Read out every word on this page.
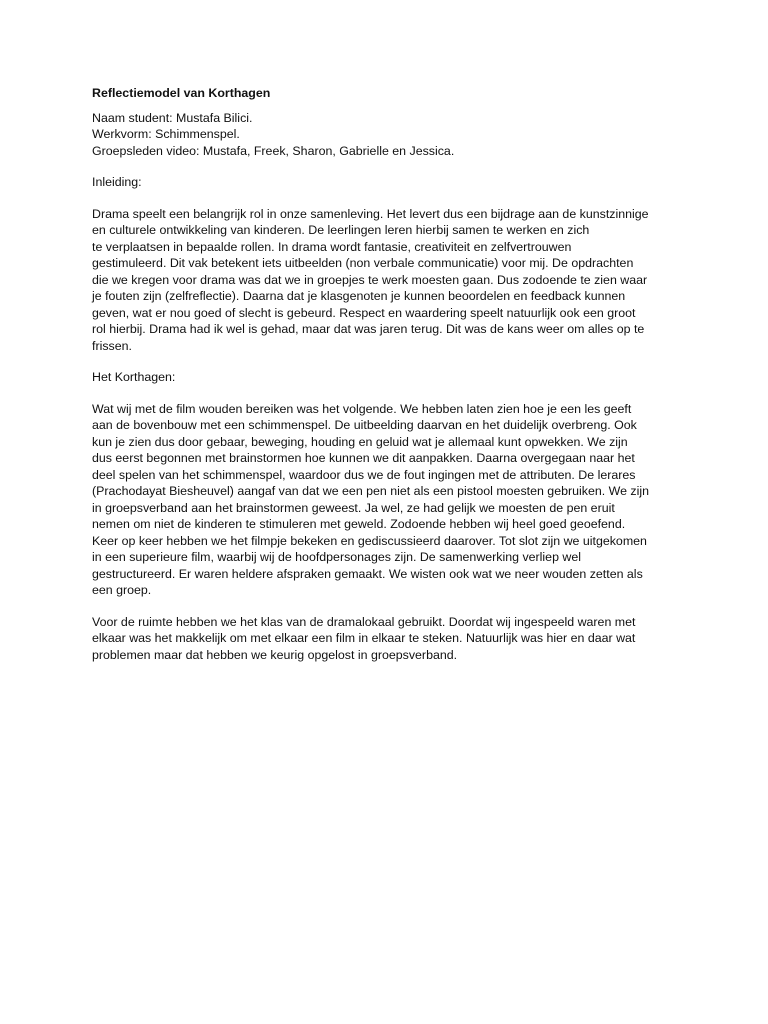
Reflectiemodel van Korthagen
Naam student: Mustafa Bilici.
Werkvorm: Schimmenspel.
Groepsleden video: Mustafa, Freek, Sharon, Gabrielle en Jessica.
Inleiding:
Drama speelt een belangrijk rol in onze samenleving. Het levert dus een bijdrage aan de kunstzinnige
en culturele ontwikkeling van kinderen. De leerlingen leren hierbij samen te werken en zich
te verplaatsen in bepaalde rollen. In drama wordt fantasie, creativiteit en zelfvertrouwen
gestimuleerd. Dit vak betekent iets uitbeelden (non verbale communicatie) voor mij. De opdrachten
die we kregen voor drama was dat we in groepjes te werk moesten gaan. Dus zodoende te zien waar
je fouten zijn (zelfreflectie). Daarna dat je klasgenoten je kunnen beoordelen en feedback kunnen
geven, wat er nou goed of slecht is gebeurd. Respect en waardering speelt natuurlijk ook een groot
rol hierbij. Drama had ik wel is gehad, maar dat was jaren terug. Dit was de kans weer om alles op te
frissen.
Het Korthagen:
Wat wij met de film wouden bereiken was het volgende. We hebben laten zien hoe je een les geeft
aan de bovenbouw met een schimmenspel. De uitbeelding daarvan en het duidelijk overbreng. Ook
kun je zien dus door gebaar, beweging, houding en geluid wat je allemaal kunt opwekken. We zijn
dus eerst begonnen met brainstormen hoe kunnen we dit aanpakken. Daarna overgegaan naar het
deel spelen van het schimmenspel, waardoor dus we de fout ingingen met de attributen. De lerares
(Prachodayat Biesheuvel) aangaf van dat we een pen niet als een pistool moesten gebruiken. We zijn
in groepsverband aan het brainstormen geweest. Ja wel, ze had gelijk we moesten de pen eruit
nemen om niet de kinderen te stimuleren met geweld. Zodoende hebben wij heel goed geoefend.
Keer op keer hebben we het filmpje bekeken en gediscussieerd daarover. Tot slot zijn we uitgekomen
in een superieure film, waarbij wij de hoofdpersonages zijn. De samenwerking verliep wel
gestructureerd. Er waren heldere afspraken gemaakt. We wisten ook wat we neer wouden zetten als
een groep.
Voor de ruimte hebben we het klas van de dramalokaal gebruikt. Doordat wij ingespeeld waren met
elkaar was het makkelijk om met elkaar een film in elkaar te steken. Natuurlijk was hier en daar wat
problemen maar dat hebben we keurig opgelost in groepsverband.
